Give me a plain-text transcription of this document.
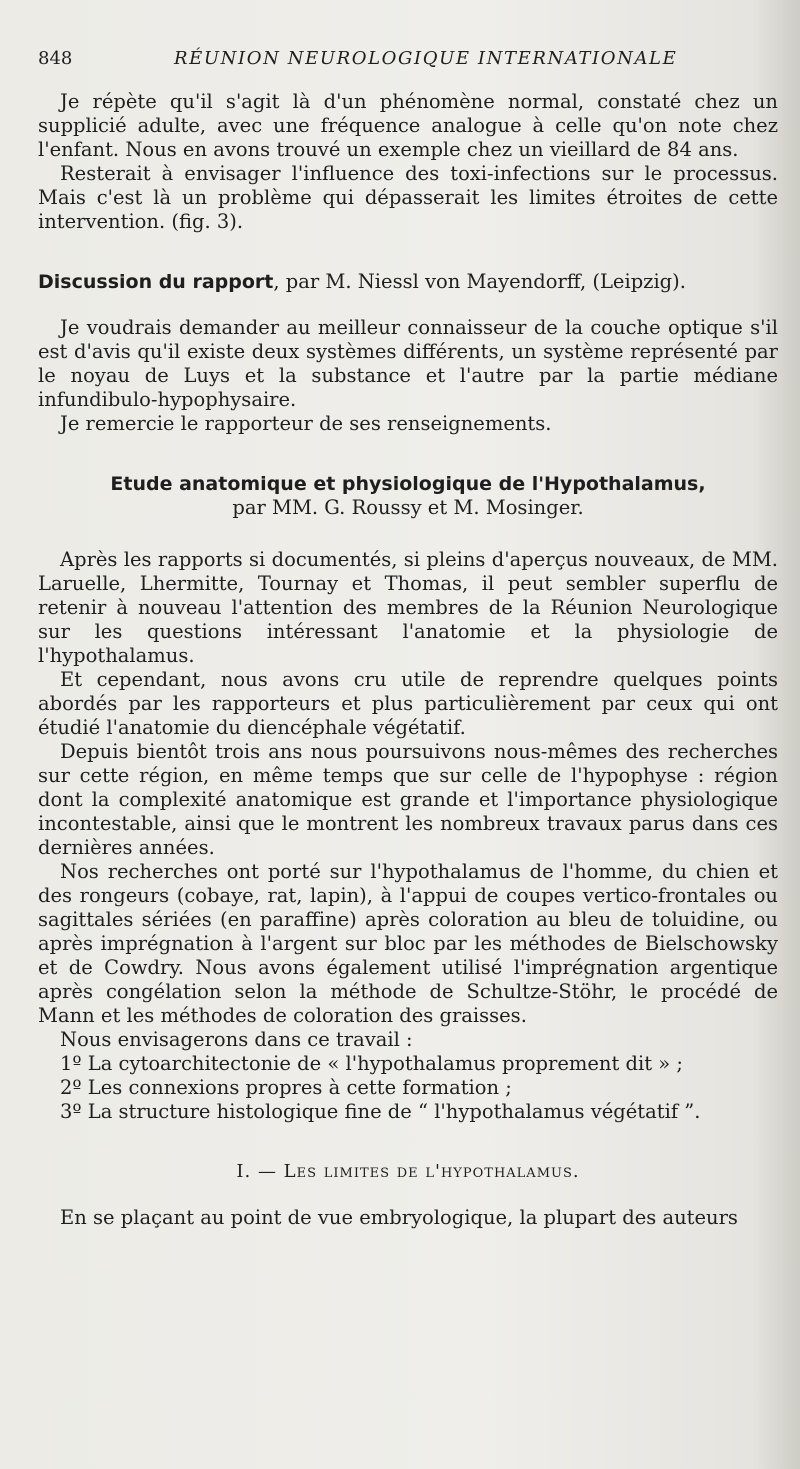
848	RÉUNION NEUROLOGIQUE INTERNATIONALE

Je répète qu'il s'agit là d'un phénomène normal, constaté chez un supplicié adulte, avec une fréquence analogue à celle qu'on note chez l'enfant. Nous en avons trouvé un exemple chez un vieillard de 84 ans.

Resterait à envisager l'influence des toxi-infections sur le processus. Mais c'est là un problème qui dépasserait les limites étroites de cette intervention. (fig. 3).

Discussion du rapport, par M. Niessl von Mayendorff, (Leipzig).

Je voudrais demander au meilleur connaisseur de la couche optique s'il est d'avis qu'il existe deux systèmes différents, un système représenté par le noyau de Luys et la substance et l'autre par la partie médiane infundibulo-hypophysaire.

Je remercie le rapporteur de ses renseignements.

Etude anatomique et physiologique de l'Hypothalamus,

par MM. G. Roussy et M. Mosinger.

Après les rapports si documentés, si pleins d'aperçus nouveaux, de MM. Laruelle, Lhermitte, Tournay et Thomas, il peut sembler superflu de retenir à nouveau l'attention des membres de la Réunion Neurologique sur les questions intéressant l'anatomie et la physiologie de l'hypothalamus.

Et cependant, nous avons cru utile de reprendre quelques points abordés par les rapporteurs et plus particulièrement par ceux qui ont étudié l'anatomie du diencéphale végétatif.

Depuis bientôt trois ans nous poursuivons nous-mêmes des recherches sur cette région, en même temps que sur celle de l'hypophyse : région dont la complexité anatomique est grande et l'importance physiologique incontestable, ainsi que le montrent les nombreux travaux parus dans ces dernières années.

Nos recherches ont porté sur l'hypothalamus de l'homme, du chien et des rongeurs (cobaye, rat, lapin), à l'appui de coupes vertico-frontales ou sagittales sériées (en paraffine) après coloration au bleu de toluidine, ou après imprégnation à l'argent sur bloc par les méthodes de Bielschowsky et de Cowdry. Nous avons également utilisé l'imprégnation argentique après congélation selon la méthode de Schultze-Stöhr, le procédé de Mann et les méthodes de coloration des graisses.

Nous envisagerons dans ce travail :

1º La cytoarchitectonie de « l'hypothalamus proprement dit » ;
2º Les connexions propres à cette formation ;
3º La structure histologique fine de “ l'hypothalamus végétatif ”.

I. — Les limites de l'hypothalamus.

En se plaçant au point de vue embryologique, la plupart des auteurs
